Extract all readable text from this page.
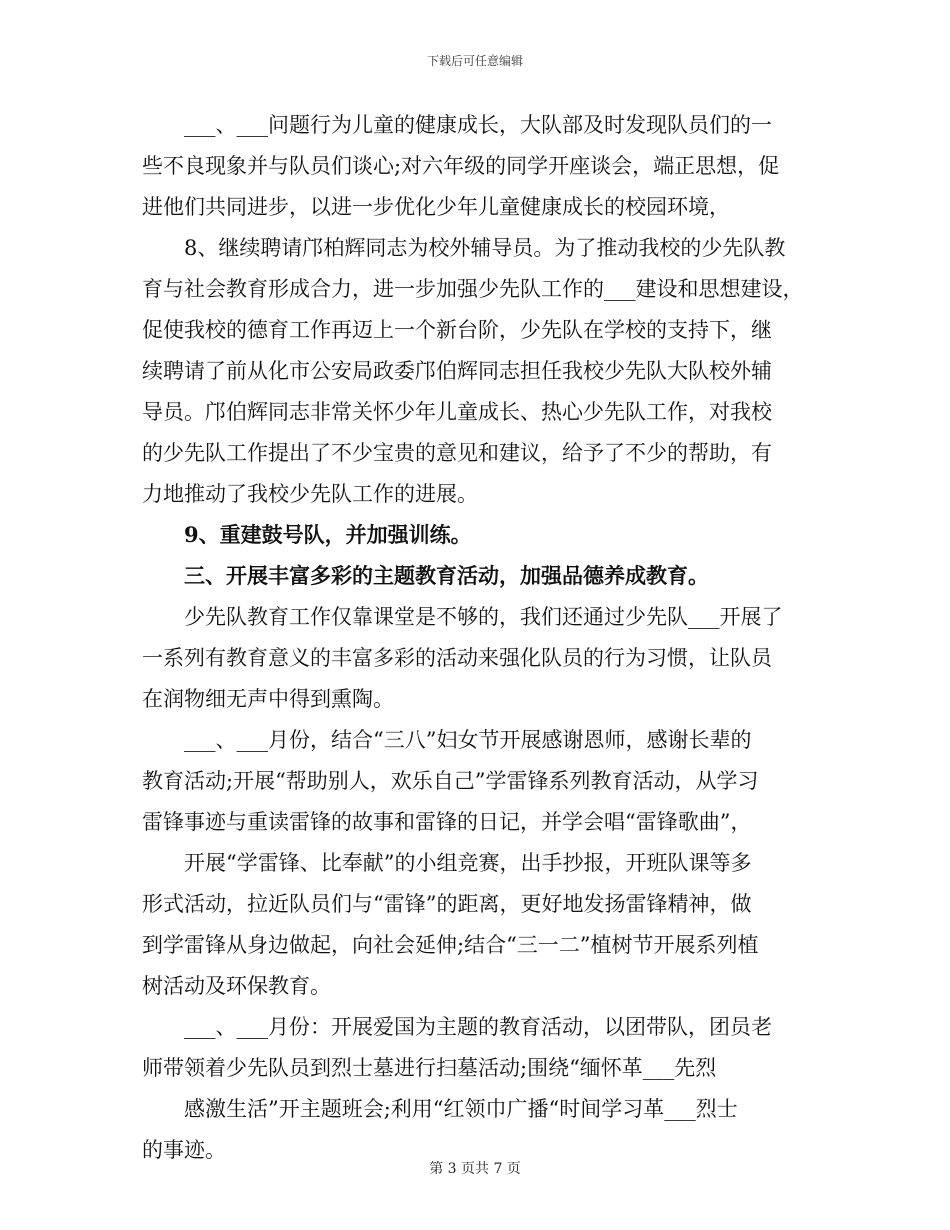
下载后可任意编辑
___、___问题行为儿童的健康成长，大队部及时发现队员们的一
些不良现象并与队员们谈心;对六年级的同学开座谈会，端正思想，促
进他们共同进步，以进一步优化少年儿童健康成长的校园环境，
8、继续聘请邝柏辉同志为校外辅导员。为了推动我校的少先队教
育与社会教育形成合力，进一步加强少先队工作的___建设和思想建设，
促使我校的德育工作再迈上一个新台阶，少先队在学校的支持下，继
续聘请了前从化市公安局政委邝伯辉同志担任我校少先队大队校外辅
导员。邝伯辉同志非常关怀少年儿童成长、热心少先队工作，对我校
的少先队工作提出了不少宝贵的意见和建议，给予了不少的帮助，有
力地推动了我校少先队工作的进展。
9、重建鼓号队，并加强训练。
三、开展丰富多彩的主题教育活动，加强品德养成教育。
少先队教育工作仅靠课堂是不够的，我们还通过少先队___开展了
一系列有教育意义的丰富多彩的活动来强化队员的行为习惯，让队员
在润物细无声中得到熏陶。
___、___月份，结合“三八”妇女节开展感谢恩师，感谢长辈的
教育活动;开展“帮助别人，欢乐自己”学雷锋系列教育活动，从学习
雷锋事迹与重读雷锋的故事和雷锋的日记，并学会唱“雷锋歌曲”，
开展“学雷锋、比奉献”的小组竞赛，出手抄报，开班队课等多
形式活动，拉近队员们与“雷锋”的距离，更好地发扬雷锋精神，做
到学雷锋从身边做起，向社会延伸;结合“三一二”植树节开展系列植
树活动及环保教育。
___、___月份：开展爱国为主题的教育活动，以团带队，团员老
师带领着少先队员到烈士墓进行扫墓活动;围绕“缅怀革___先烈
感激生活”开主题班会;利用“红领巾广播“时间学习革___烈士
的事迹。
第 3 页共 7 页
